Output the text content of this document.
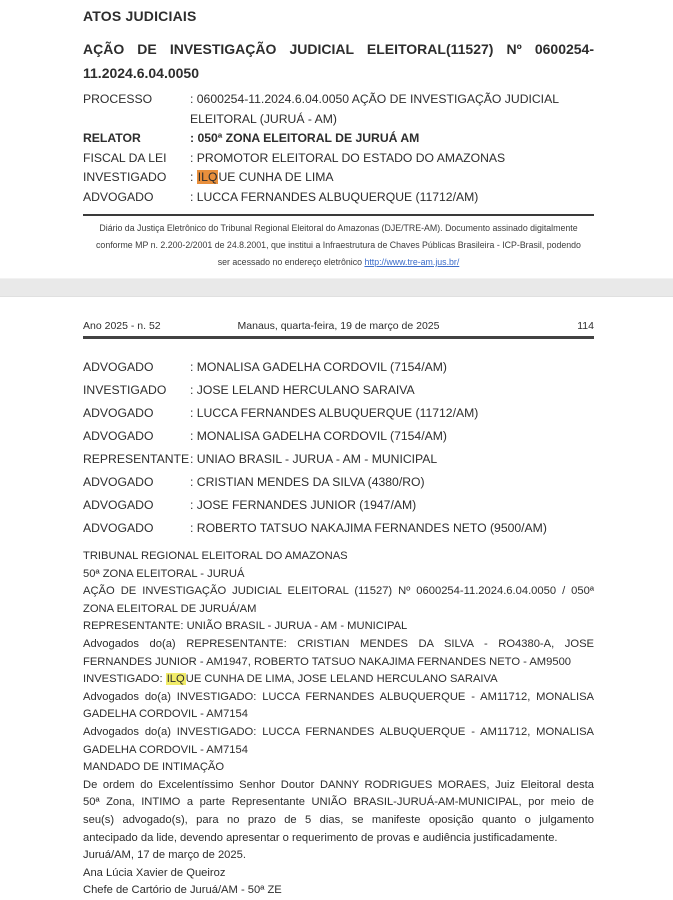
ATOS JUDICIAIS
AÇÃO DE INVESTIGAÇÃO JUDICIAL ELEITORAL(11527) Nº 0600254-
11.2024.6.04.0050
PROCESSO	: 0600254-11.2024.6.04.0050 AÇÃO DE INVESTIGAÇÃO JUDICIAL
ELEITORAL (JURUÁ - AM)
RELATOR	: 050ª ZONA ELEITORAL DE JURUÁ AM
FISCAL DA LEI	: PROMOTOR ELEITORAL DO ESTADO DO AMAZONAS
INVESTIGADO	: ILQUE CUNHA DE LIMA
ADVOGADO	: LUCCA FERNANDES ALBUQUERQUE (11712/AM)
Diário da Justiça Eletrônico do Tribunal Regional Eleitoral do Amazonas (DJE/TRE-AM). Documento assinado digitalmente
conforme MP n. 2.200-2/2001 de 24.8.2001, que institui a Infraestrutura de Chaves Públicas Brasileira - ICP-Brasil, podendo
ser acessado no endereço eletrônico http://www.tre-am.jus.br/
Ano 2025 - n. 52	Manaus, quarta-feira, 19 de março de 2025	114
ADVOGADO	: MONALISA GADELHA CORDOVIL (7154/AM)
INVESTIGADO	: JOSE LELAND HERCULANO SARAIVA
ADVOGADO	: LUCCA FERNANDES ALBUQUERQUE (11712/AM)
ADVOGADO	: MONALISA GADELHA CORDOVIL (7154/AM)
REPRESENTANTE : UNIAO BRASIL - JURUA - AM - MUNICIPAL
ADVOGADO	: CRISTIAN MENDES DA SILVA (4380/RO)
ADVOGADO	: JOSE FERNANDES JUNIOR (1947/AM)
ADVOGADO	: ROBERTO TATSUO NAKAJIMA FERNANDES NETO (9500/AM)
TRIBUNAL REGIONAL ELEITORAL DO AMAZONAS
50ª ZONA ELEITORAL - JURUÁ
AÇÃO DE INVESTIGAÇÃO JUDICIAL ELEITORAL (11527) Nº 0600254-11.2024.6.04.0050 / 050ª
ZONA ELEITORAL DE JURUÁ/AM
REPRESENTANTE: UNIÃO BRASIL - JURUA - AM - MUNICIPAL
Advogados do(a) REPRESENTANTE: CRISTIAN MENDES DA SILVA - RO4380-A, JOSE
FERNANDES JUNIOR - AM1947, ROBERTO TATSUO NAKAJIMA FERNANDES NETO - AM9500
INVESTIGADO: ILQUE CUNHA DE LIMA, JOSE LELAND HERCULANO SARAIVA
Advogados do(a) INVESTIGADO: LUCCA FERNANDES ALBUQUERQUE - AM11712, MONALISA
GADELHA CORDOVIL - AM7154
Advogados do(a) INVESTIGADO: LUCCA FERNANDES ALBUQUERQUE - AM11712, MONALISA
GADELHA CORDOVIL - AM7154
MANDADO DE INTIMAÇÃO
De ordem do Excelentíssimo Senhor Doutor DANNY RODRIGUES MORAES, Juiz Eleitoral desta
50ª Zona, INTIMO a parte Representante UNIÃO BRASIL-JURUÁ-AM-MUNICIPAL, por meio de
seu(s) advogado(s), para no prazo de 5 dias, se manifeste oposição quanto o julgamento
antecipado da lide, devendo apresentar o requerimento de provas e audiência justificadamente.
Juruá/AM, 17 de março de 2025.
Ana Lúcia Xavier de Queiroz
Chefe de Cartório de Juruá/AM - 50ª ZE
